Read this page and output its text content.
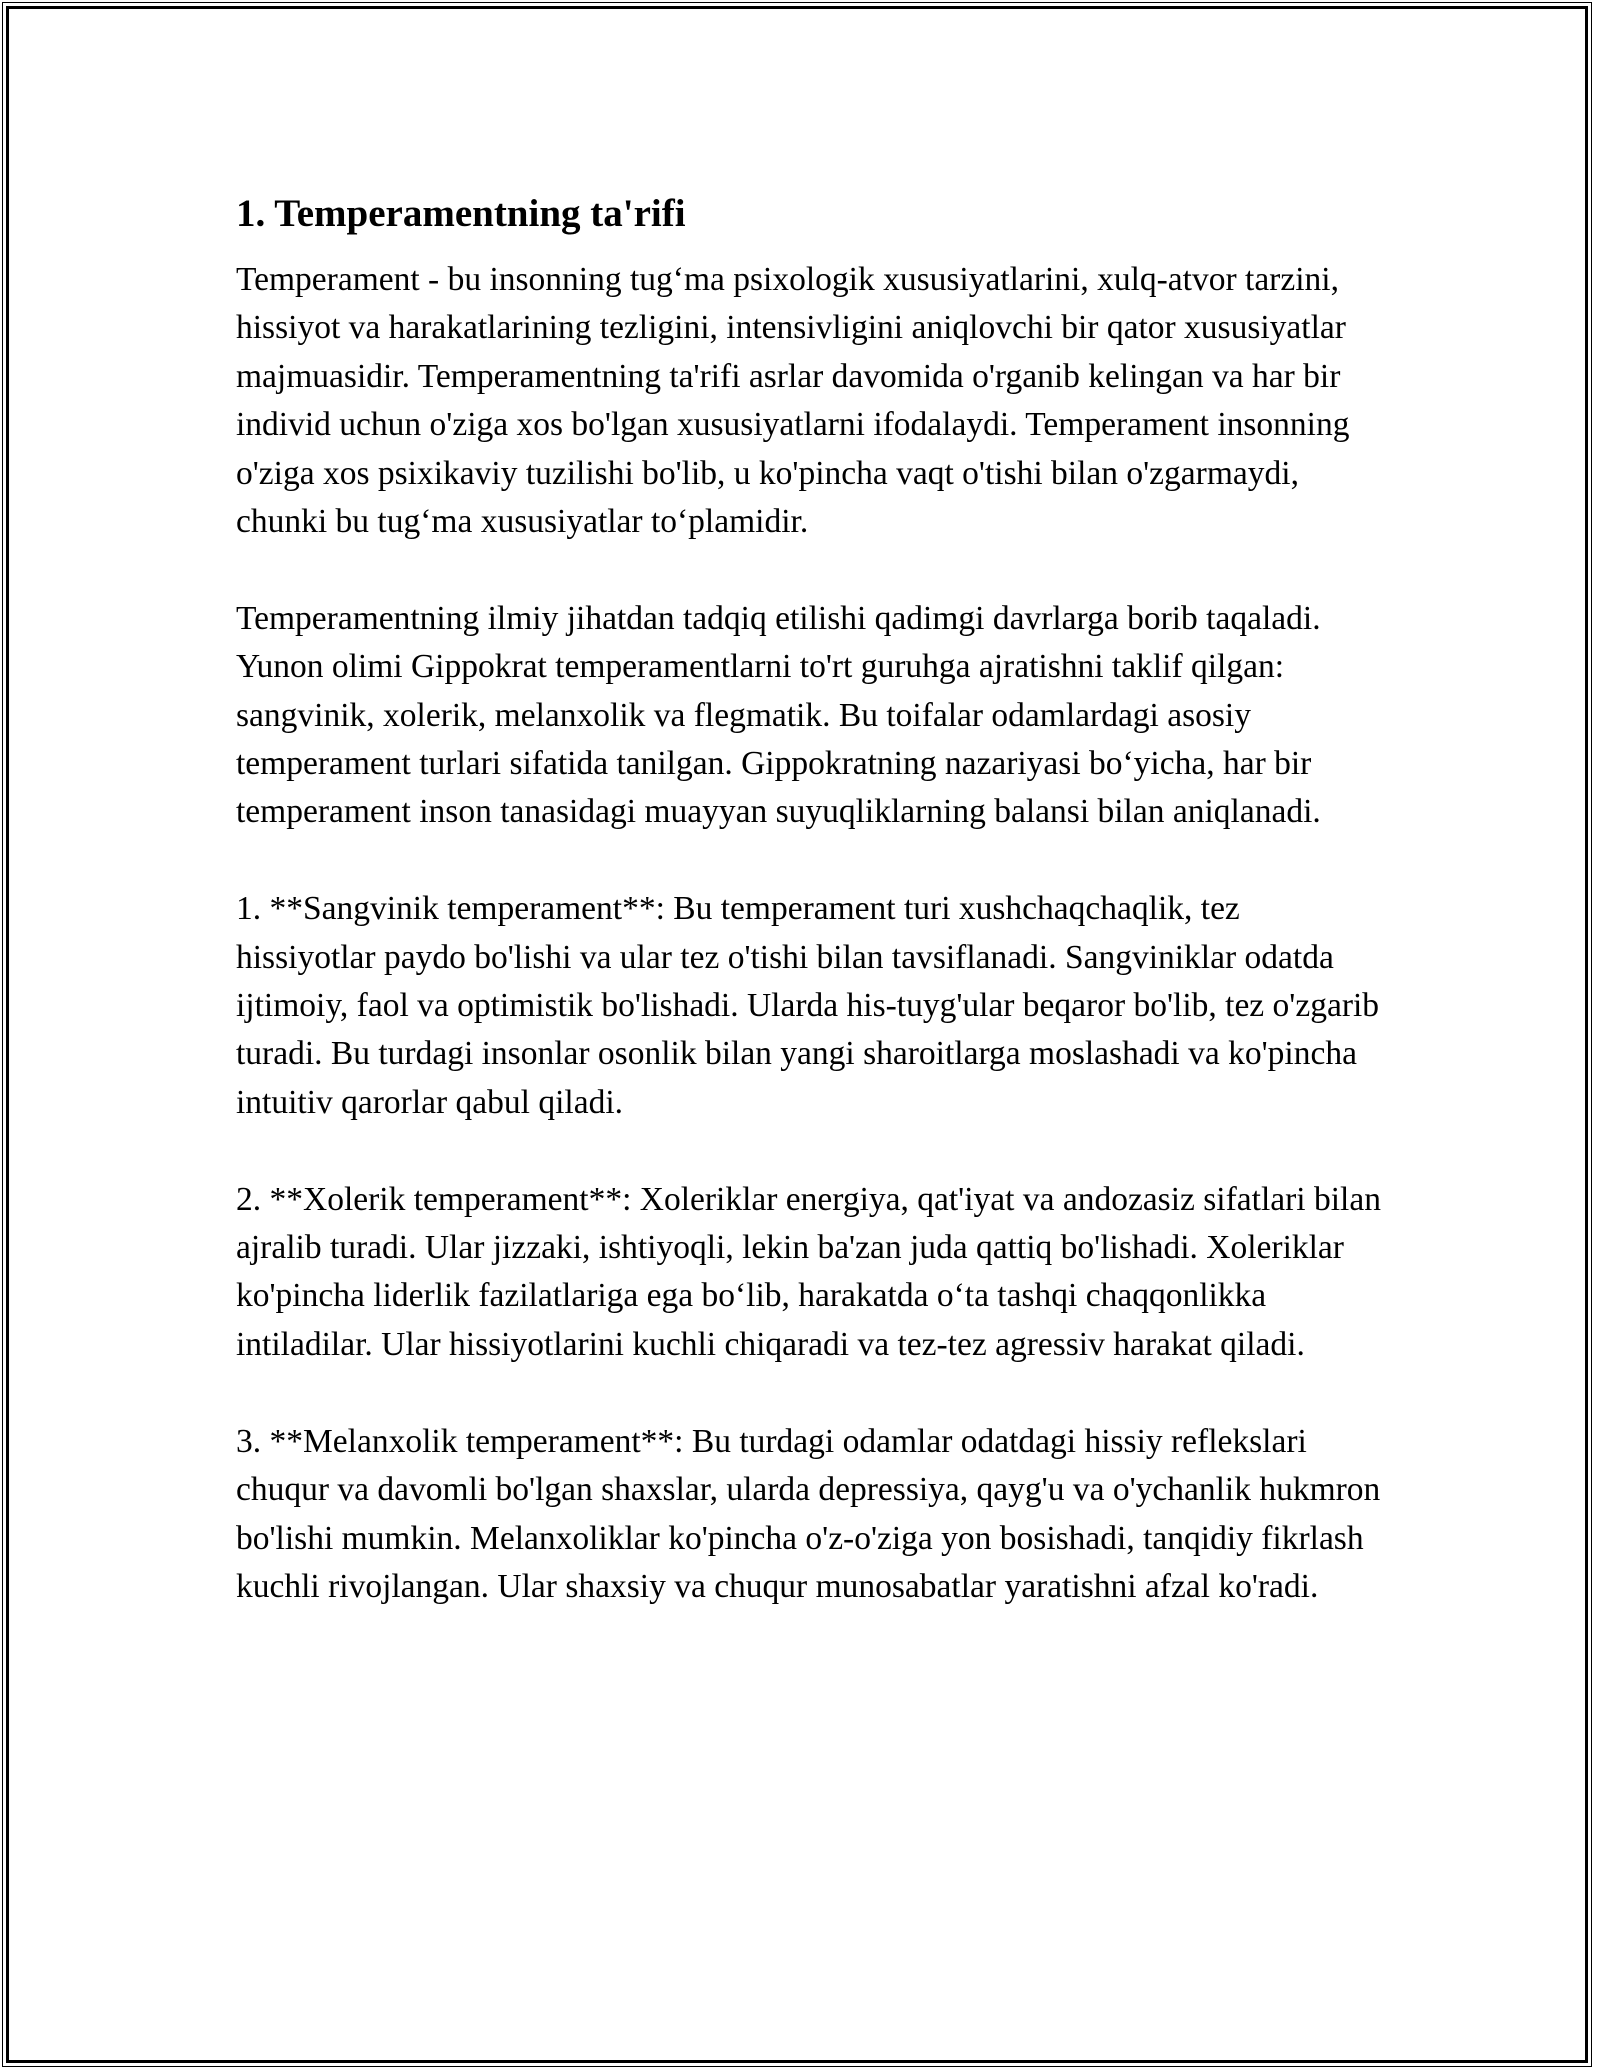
1. Temperamentning ta'rifi

Temperament - bu insonning tug‘ma psixologik xususiyatlarini, xulq-atvor tarzini, hissiyot va harakatlarining tezligini, intensivligini aniqlovchi bir qator xususiyatlar majmuasidir. Temperamentning ta'rifi asrlar davomida o'rganib kelingan va har bir individ uchun o'ziga xos bo'lgan xususiyatlarni ifodalaydi. Temperament insonning o'ziga xos psixikaviy tuzilishi bo'lib, u ko'pincha vaqt o'tishi bilan o'zgarmaydi, chunki bu tug‘ma xususiyatlar to‘plamidir.

Temperamentning ilmiy jihatdan tadqiq etilishi qadimgi davrlarga borib taqaladi. Yunon olimi Gippokrat temperamentlarni to'rt guruhga ajratishni taklif qilgan: sangvinik, xolerik, melanxolik va flegmatik. Bu toifalar odamlardagi asosiy temperament turlari sifatida tanilgan. Gippokratning nazariyasi bo‘yicha, har bir temperament inson tanasidagi muayyan suyuqliklarning balansi bilan aniqlanadi.

1. **Sangvinik temperament**: Bu temperament turi xushchaqchaqlik, tez hissiyotlar paydo bo'lishi va ular tez o'tishi bilan tavsiflanadi. Sangviniklar odatda ijtimoiy, faol va optimistik bo'lishadi. Ularda his-tuyg'ular beqaror bo'lib, tez o'zgarib turadi. Bu turdagi insonlar osonlik bilan yangi sharoitlarga moslashadi va ko'pincha intuitiv qarorlar qabul qiladi.

2. **Xolerik temperament**: Xoleriklar energiya, qat'iyat va andozasiz sifatlari bilan ajralib turadi. Ular jizzaki, ishtiyoqli, lekin ba'zan juda qattiq bo'lishadi. Xoleriklar ko'pincha liderlik fazilatlariga ega bo‘lib, harakatda o‘ta tashqi chaqqonlikka intiladilar. Ular hissiyotlarini kuchli chiqaradi va tez-tez agressiv harakat qiladi.

3. **Melanxolik temperament**: Bu turdagi odamlar odatdagi hissiy reflekslari chuqur va davomli bo'lgan shaxslar, ularda depressiya, qayg'u va o'ychanlik hukmron bo'lishi mumkin. Melanxoliklar ko'pincha o'z-o'ziga yon bosishadi, tanqidiy fikrlash kuchli rivojlangan. Ular shaxsiy va chuqur munosabatlar yaratishni afzal ko'radi.
